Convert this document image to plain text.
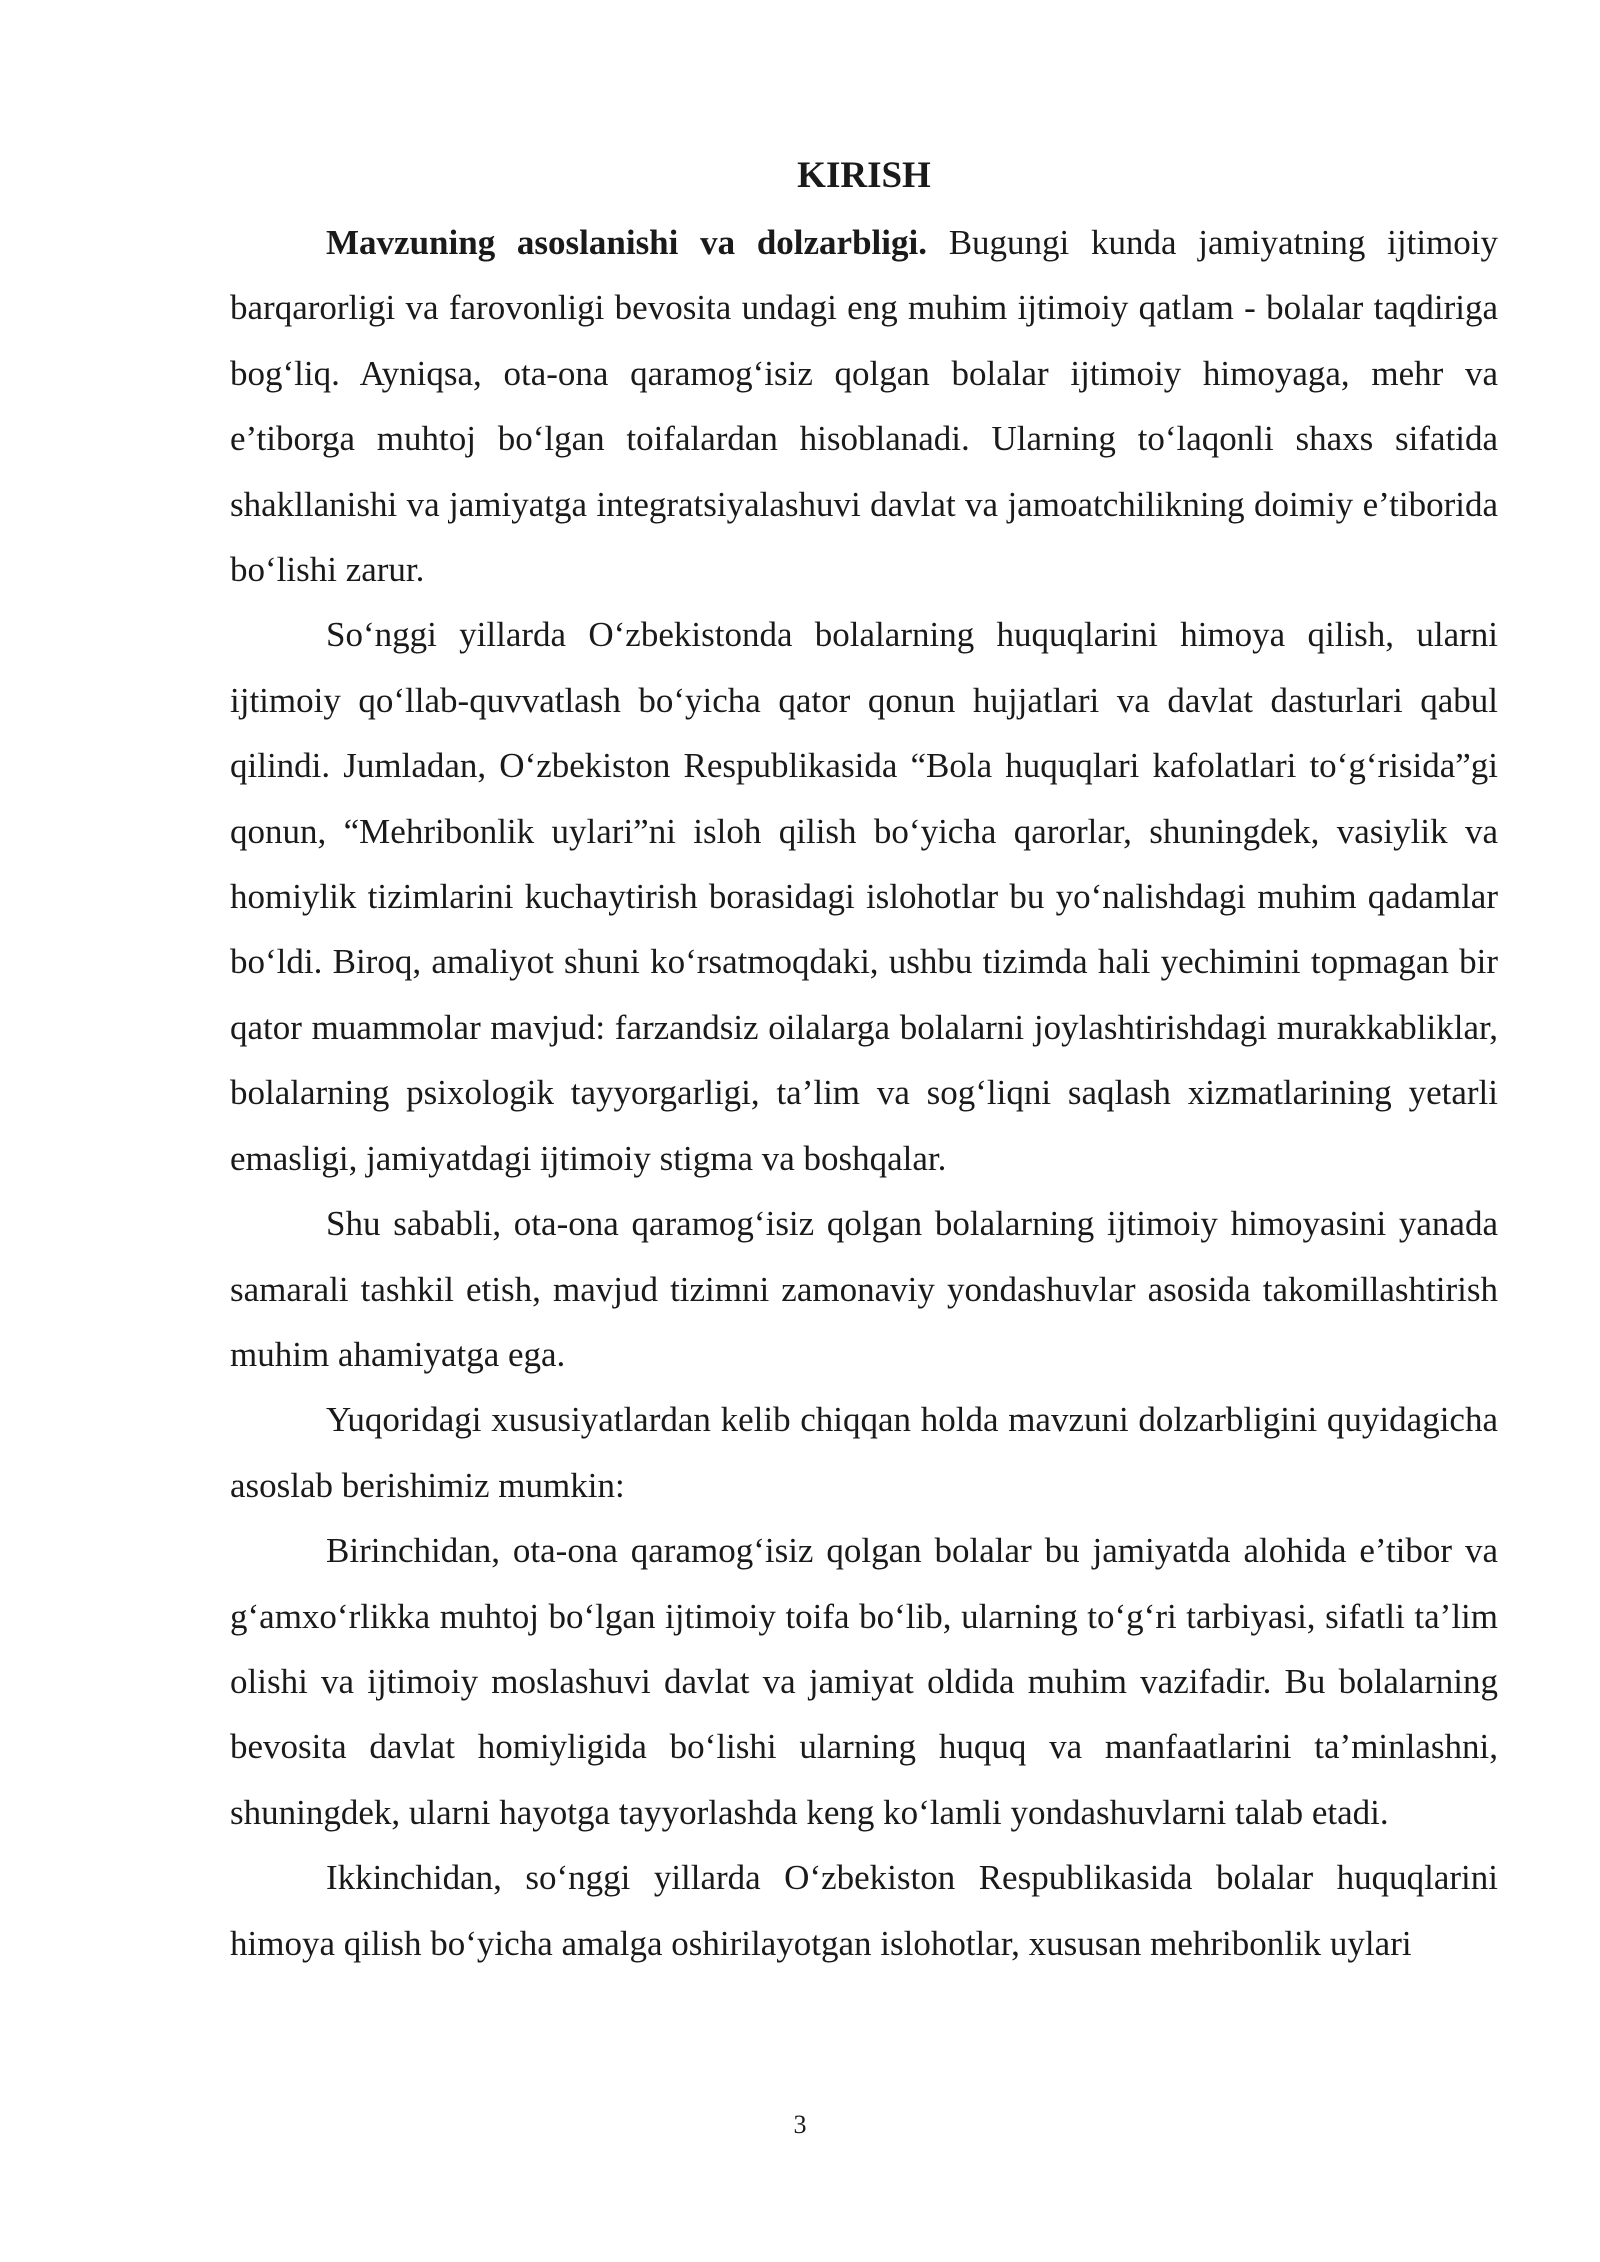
KIRISH

Mavzuning asoslanishi va dolzarbligi. Bugungi kunda jamiyatning ijtimoiy barqarorligi va farovonligi bevosita undagi eng muhim ijtimoiy qatlam - bolalar taqdiriga bog‘liq. Ayniqsa, ota-ona qaramog‘isiz qolgan bolalar ijtimoiy himoyaga, mehr va e’tiborga muhtoj bo‘lgan toifalardan hisoblanadi. Ularning to‘laqonli shaxs sifatida shakllanishi va jamiyatga integratsiyalashuvi davlat va jamoatchilikning doimiy e’tiborida bo‘lishi zarur.

So‘nggi yillarda O‘zbekistonda bolalarning huquqlarini himoya qilish, ularni ijtimoiy qo‘llab-quvvatlash bo‘yicha qator qonun hujjatlari va davlat dasturlari qabul qilindi. Jumladan, O‘zbekiston Respublikasida “Bola huquqlari kafolatlari to‘g‘risida”gi qonun, “Mehribonlik uylari”ni isloh qilish bo‘yicha qarorlar, shuningdek, vasiylik va homiylik tizimlarini kuchaytirish borasidagi islohotlar bu yo‘nalishdagi muhim qadamlar bo‘ldi. Biroq, amaliyot shuni ko‘rsatmoqdaki, ushbu tizimda hali yechimini topmagan bir qator muammolar mavjud: farzandsiz oilalarga bolalarni joylashtirishdagi murakkabliklar, bolalarning psixologik tayyorgarligi, ta’lim va sog‘liqni saqlash xizmatlarining yetarli emasligi, jamiyatdagi ijtimoiy stigma va boshqalar.

Shu sababli, ota-ona qaramog‘isiz qolgan bolalarning ijtimoiy himoyasini yanada samarali tashkil etish, mavjud tizimni zamonaviy yondashuvlar asosida takomillashtirish muhim ahamiyatga ega.

Yuqoridagi xususiyatlardan kelib chiqqan holda mavzuni dolzarbligini quyidagicha asoslab berishimiz mumkin:

Birinchidan, ota-ona qaramog‘isiz qolgan bolalar bu jamiyatda alohida e’tibor va g‘amxo‘rlikka muhtoj bo‘lgan ijtimoiy toifa bo‘lib, ularning to‘g‘ri tarbiyasi, sifatli ta’lim olishi va ijtimoiy moslashuvi davlat va jamiyat oldida muhim vazifadir. Bu bolalarning bevosita davlat homiyligida bo‘lishi ularning huquq va manfaatlarini ta’minlashni, shuningdek, ularni hayotga tayyorlashda keng ko‘lamli yondashuvlarni talab etadi.

Ikkinchidan, so‘nggi yillarda O‘zbekiston Respublikasida bolalar huquqlarini himoya qilish bo‘yicha amalga oshirilayotgan islohotlar, xususan mehribonlik uylari

3
